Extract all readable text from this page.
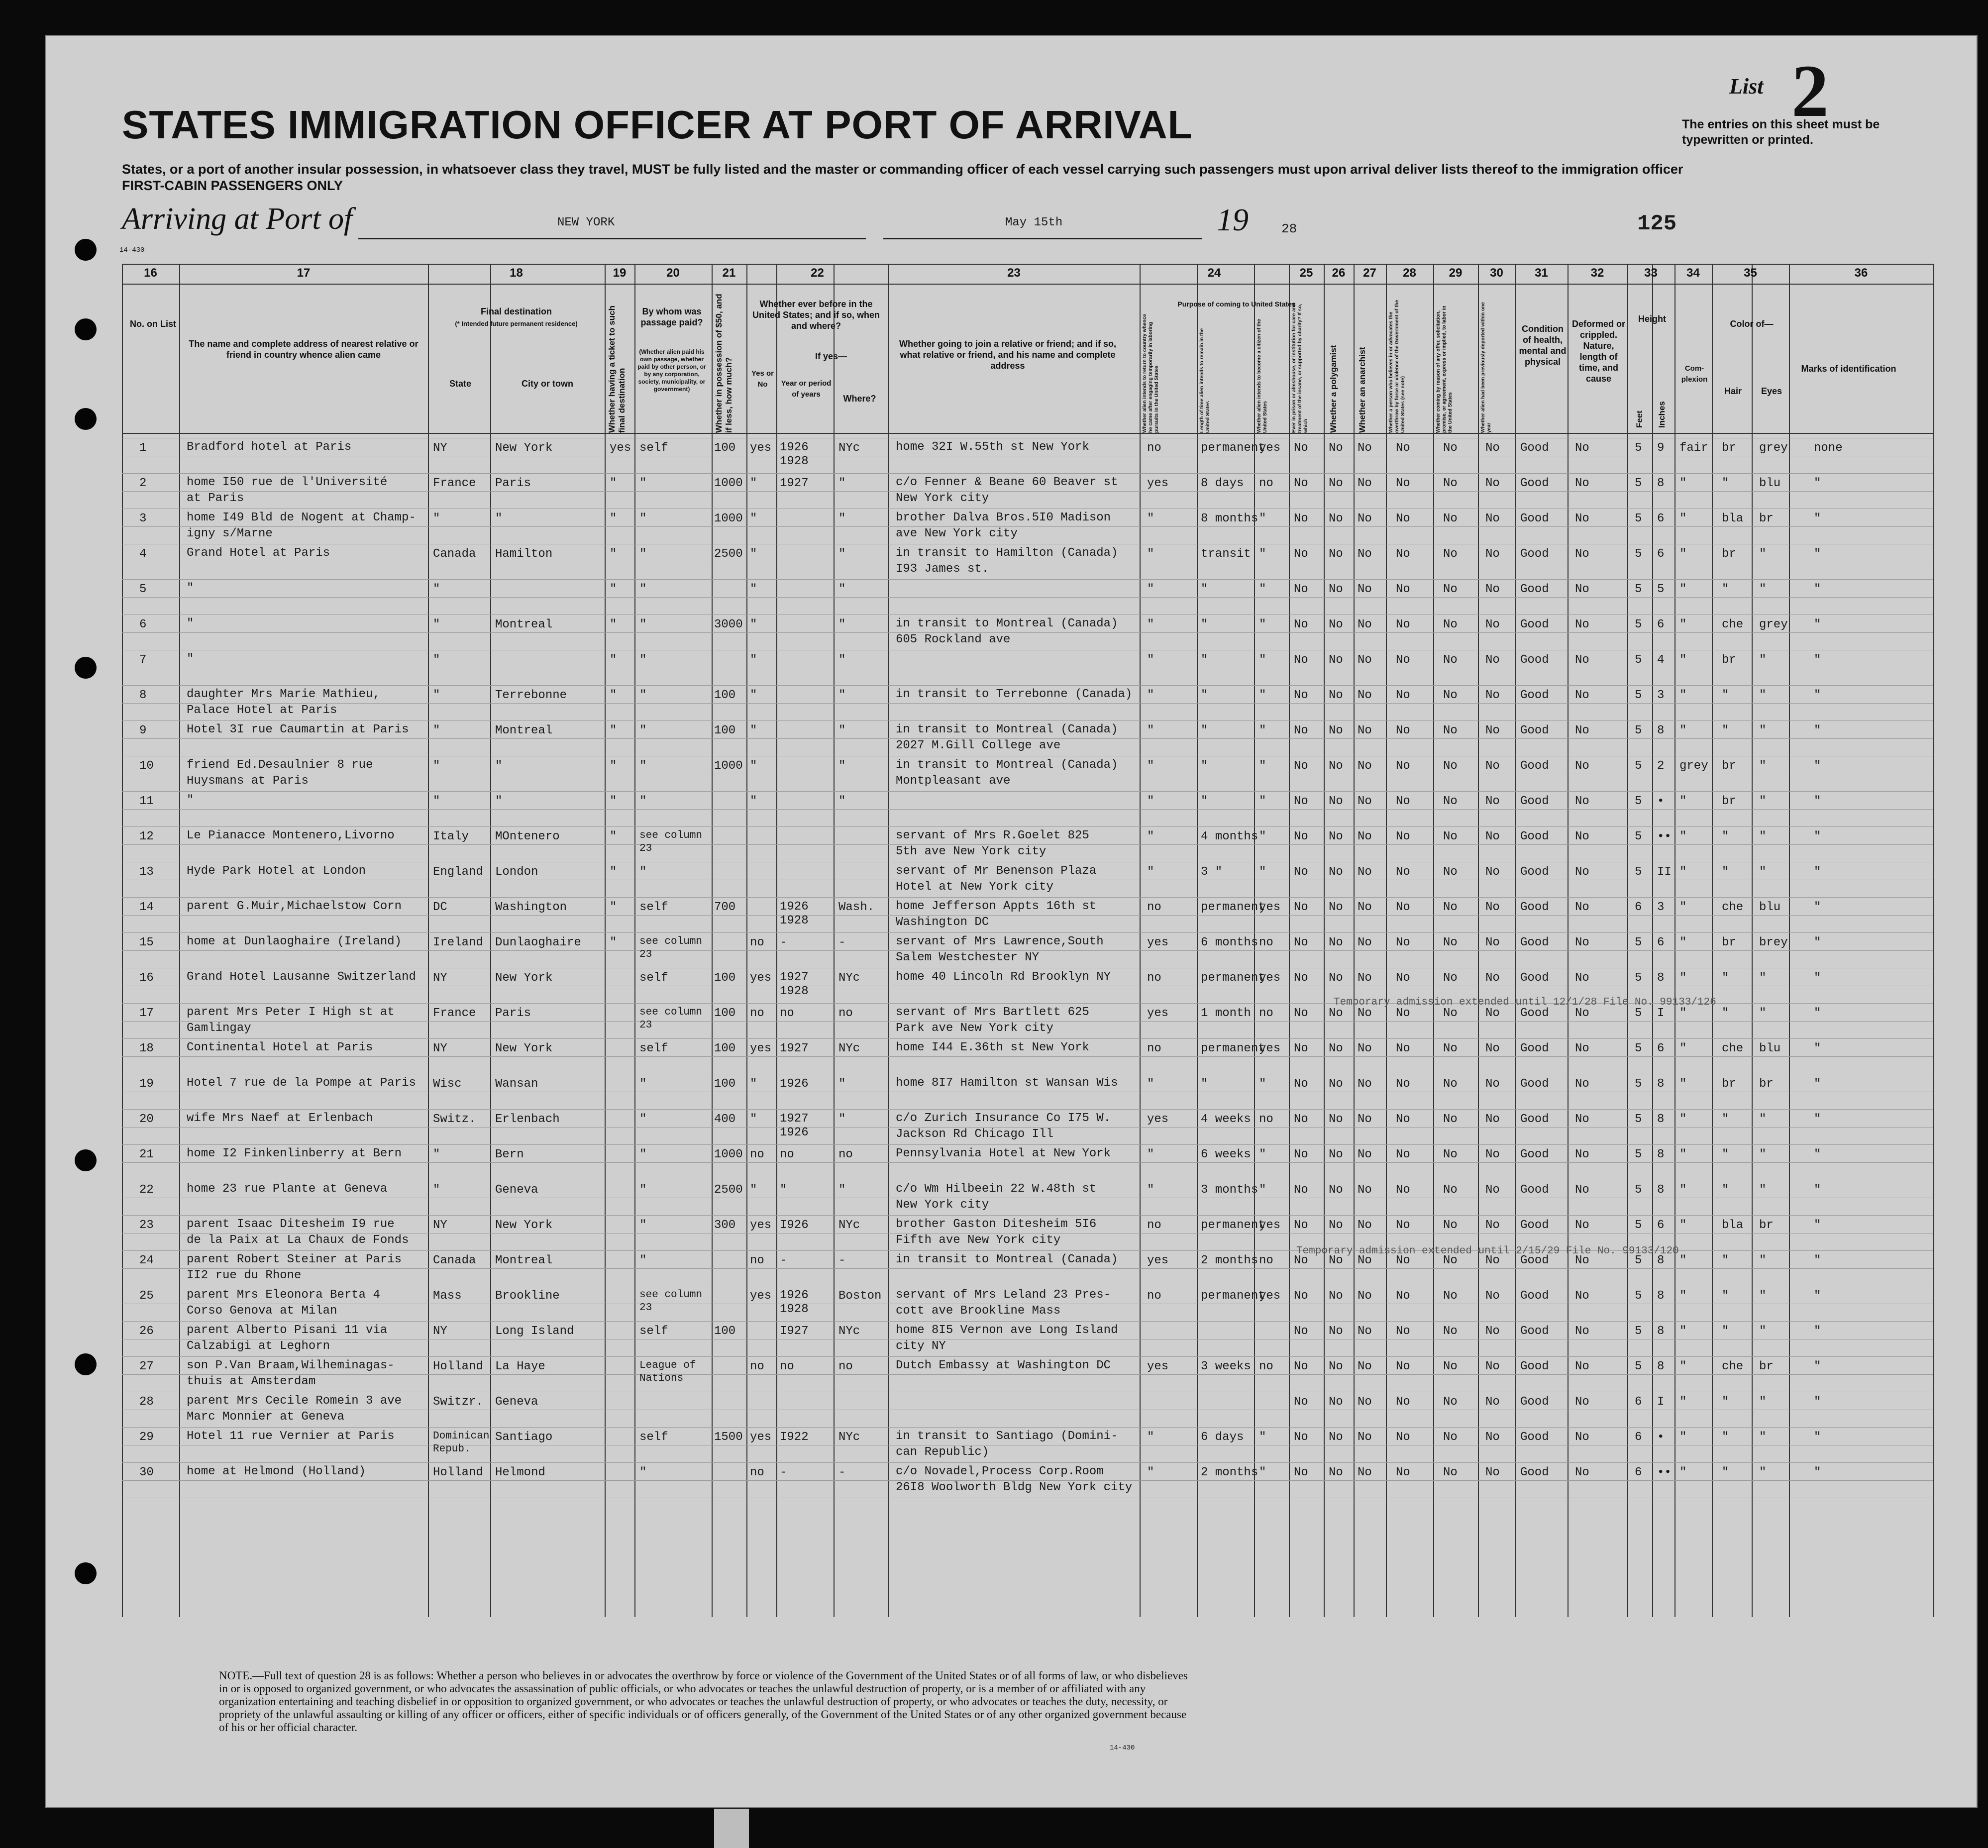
STATES IMMIGRATION OFFICER AT PORT OF ARRIVAL
States, or a port of another insular possession, in whatsoever class they travel, MUST be fully listed and the master or commanding officer of each vessel carrying such passengers must upon arrival deliver lists thereof to the immigration officer
FIRST-CABIN PASSENGERS ONLY
List 2
The entries on this sheet must be typewritten or printed.
Arriving at Port of	NEW YORK	May 15th	19	28	125
14-430
16	17	18	19	20	21	22	23	24	25	26	27	28	29	30	31	32	33	34	35	36
No. on List
The name and complete address of nearest relative or friend in country whence alien came
Final destination
(* Intended future permanent residence)
State	City or town	Whether having a ticket to such final destination
By whom was passage paid?
(Whether alien paid his own passage, whether paid by other person, or by any corporation, society, municipality, or government)	Whether in possession of $50, and if less, how much?
Whether ever before in the United States; and if so, when and where?
Yes or No
If yes—
Year or period of years	Where?
Whether going to join a relative or friend; and if so, what relative or friend, and his name and complete address
Purpose of coming to United States
Whether alien intends to return to country whence he came after engaging temporarily in laboring pursuits in the United States	Length of time alien intends to remain in the United States	Whether alien intends to become a citizen of the United States	Ever in prison or almshouse, or institution for care and treatment of the insane, or supported by charity? If so, which Whether a polygamist Whether an anarchist	Whether a person who believes in or advocates the overthrow by force or violence of the Government of the United States (see note)	Whether coming by reason of any offer, solicitation, promise, or agreement, express or implied, to labor in the United States	Whether alien had been previously deported within one year
Condition of health, mental and physical
Deformed or crippled. Nature, length of time, and cause
Height
Feet Inches
Com-plexion
Color of—
Hair	Eyes
Marks of identification
1	Bradford hotel at Paris	NY	New York	yes self	100 yes 1926 1928
NYc	home 32I W.55th st New York	no	permanent
yes No No No No	No No Good No	5 9 fair br grey none
2	home I50 rue de l'Université
at Paris
France Paris	" "	1000 " 1927	"	c/o Fenner & Beane 60 Beaver st
New York city
yes	8 days no No No No No	No No Good No	5 8 "	"	blu	"
3	home I49 Bld de Nogent at Champ-
igny s/Marne
"	"	" "	1000 "	"	brother Dalva Bros.5I0 Madison
ave New York city
"	8 months " No No No No	No No Good No	5 6 "	bla br	"
4	Grand Hotel at Paris	Canada Hamilton	" "	2500 "	"	in transit to Hamilton (Canada)
I93 James st.
"	transit " No No No No	No No Good No	5 6 "	br "	"
5	"	"	" "	"	"	"	"	" No No No No	No No Good No	5 5 "	"	"	"
6	"	"	Montreal	" "	3000 "	"	in transit to Montreal (Canada)
605 Rockland ave
"	"	" No No No No	No No Good No	5 6 "	che grey "
7	"	"	" "	"	"	"	"	" No No No No	No No Good No	5 4 "	br "	"
8	daughter Mrs Marie Mathieu,
Palace Hotel at Paris
"	Terrebonne	" "	100 "	"	in transit to Terrebonne (Canada) "	"	" No No No No	No No Good No	5 3 "	"	"	"
9	Hotel 3I rue Caumartin at Paris "	Montreal	" "	100 "	"	in transit to Montreal (Canada)
2027 M.Gill College ave
"	"	" No No No No	No No Good No	5 8 "	"	"	"
10	friend Ed.Desaulnier 8 rue
Huysmans at Paris
"	"	" "	1000 "	"	in transit to Montreal (Canada)
Montpleasant ave
"	"	" No No No No	No No Good No	5 2 grey br "	"
11	"	"	"	" "	"	"	"	"	" No No No No	No No Good No	5 • "	br "	"
12	Le Pianacce Montenero,Livorno	Italy MOntenero	" see column 23
servant of Mrs R.Goelet 825
5th ave New York city
"	4 months " No No No No	No No Good No	5 •• "	"	"	"
13	Hyde Park Hotel at London	England London	" "	servant of Mr Benenson Plaza
Hotel at New York city
"	3 "	" No No No No	No No Good No	5 II "	"	"	"
14	parent G.Muir,Michaelstow Corn	DC	Washington	" self	700	1926 1928
Wash. home Jefferson Appts 16th st
Washington DC
no	permanent
yes No No No No	No No Good No	6 3 "	che blu	"
15	home at Dunlaoghaire (Ireland)	Ireland Dunlaoghaire " see column 23
no -	-	servant of Mrs Lawrence,South
Salem Westchester NY
yes	6 months no No No No No	No No Good No	5 6 "	br brey "
16	Grand Hotel Lausanne Switzerland NY	New York	self	100 yes 1927 1928
NYc	home 40 Lincoln Rd Brooklyn NY	no	permanent
yes No No No No	No No Good No	5 8 "	"	"	"
17	parent Mrs Peter I High st at
Gamlingay
France Paris	see column 23
100 no no	no	servant of Mrs Bartlett 625
Park ave New York city
yes	1 month no No No No No	No No Good No	5 I "	"	"	"
18	Continental Hotel at Paris	NY	New York	self	100 yes 1927	NYc	home I44 E.36th st New York	no	permanent
yes No No No No	No No Good No	5 6 "	che blu	"
19	Hotel 7 rue de la Pompe at Paris Wisc	Wansan	"	100 " 1926	"	home 8I7 Hamilton st Wansan Wis "	"	" No No No No	No No Good No	5 8 "	br br	"
20	wife Mrs Naef at Erlenbach	Switz. Erlenbach	"	400 " 1927 1926
"	c/o Zurich Insurance Co I75 W.
Jackson Rd Chicago Ill
yes	4 weeks no No No No No	No No Good No	5 8 "	"	"	"
21	home I2 Finkenlinberry at Bern	"	Bern	"	1000 no no	no	Pennsylvania Hotel at New York	"	6 weeks " No No No No	No No Good No	5 8 "	"	"	"
22	home 23 rue Plante at Geneva	"	Geneva	"	2500 " "	"	c/o Wm Hilbeein 22 W.48th st
New York city
"	3 months " No No No No	No No Good No	5 8 "	"	"	"
23	parent Isaac Ditesheim I9 rue
de la Paix at La Chaux de Fonds
NY	New York	"	300 yes I926	NYc	brother Gaston Ditesheim 5I6
Fifth ave New York city
no	permanent
yes No No No No	No No Good No	5 6 "	bla br	"
24	parent Robert Steiner at Paris
II2 rue du Rhone
Canada Montreal	"	no -	-	in transit to Montreal (Canada) yes	2 months no No No No No	No No Good No	5 8 "	"	"	"
25	parent Mrs Eleonora Berta 4
Corso Genova at Milan
Mass	Brookline	see column 23
yes 1926 1928
Boston servant of Mrs Leland 23 Pres-
cott ave Brookline Mass
no	permanent
yes No No No No	No No Good No	5 8 "	"	"	"
26	parent Alberto Pisani 11 via
Calzabigi at Leghorn
NY	Long Island	self	100	I927	NYc	home 8I5 Vernon ave Long Island
city NY
No No No No	No No Good No	5 8 "	"	"	"
27	son P.Van Braam,Wilheminagas-
thuis at Amsterdam
Holland La Haye	League of Nations
no no	no	Dutch Embassy at Washington DC	yes	3 weeks no No No No No	No No Good No	5 8 "	che br	"
28	parent Mrs Cecile Romein 3 ave
Marc Monnier at Geneva
Switzr. Geneva	No No No No	No No Good No	6 I "	"	"	"
29	Hotel 11 rue Vernier at Paris	Dominican Repub.
Santiago	self	1500 yes I922	NYc	in transit to Santiago (Domini-
can Republic)
"	6 days " No No No No	No No Good No	6 • "	"	"	"
30	home at Helmond (Holland)	Holland Helmond	"	no -	-	c/o Novadel,Process Corp.Room
26I8 Woolworth Bldg New York city
"	2 months " No No No No	No No Good No	6 •• "	"	"	"
Temporary admission extended until 12/1/28 File No. 99133/126
Temporary admission extended until 2/15/29 File No. 99133/120
NOTE.—Full text of question 28 is as follows: Whether a person who believes in or advocates the overthrow by force or violence of the Government of the United States or of all forms of law, or who disbelieves in or is opposed to organized government, or who advocates the assassination of public officials, or who advocates or teaches the unlawful destruction of property, or is a member of or affiliated with any organization entertaining and teaching disbelief in or opposition to organized government, or who advocates or teaches the unlawful destruction of property, or who advocates or teaches the duty, necessity, or propriety of the unlawful assaulting or killing of any officer or officers, either of specific individuals or of officers generally, of the Government of the United States or of any other organized government because of his or her official character.
14-430
